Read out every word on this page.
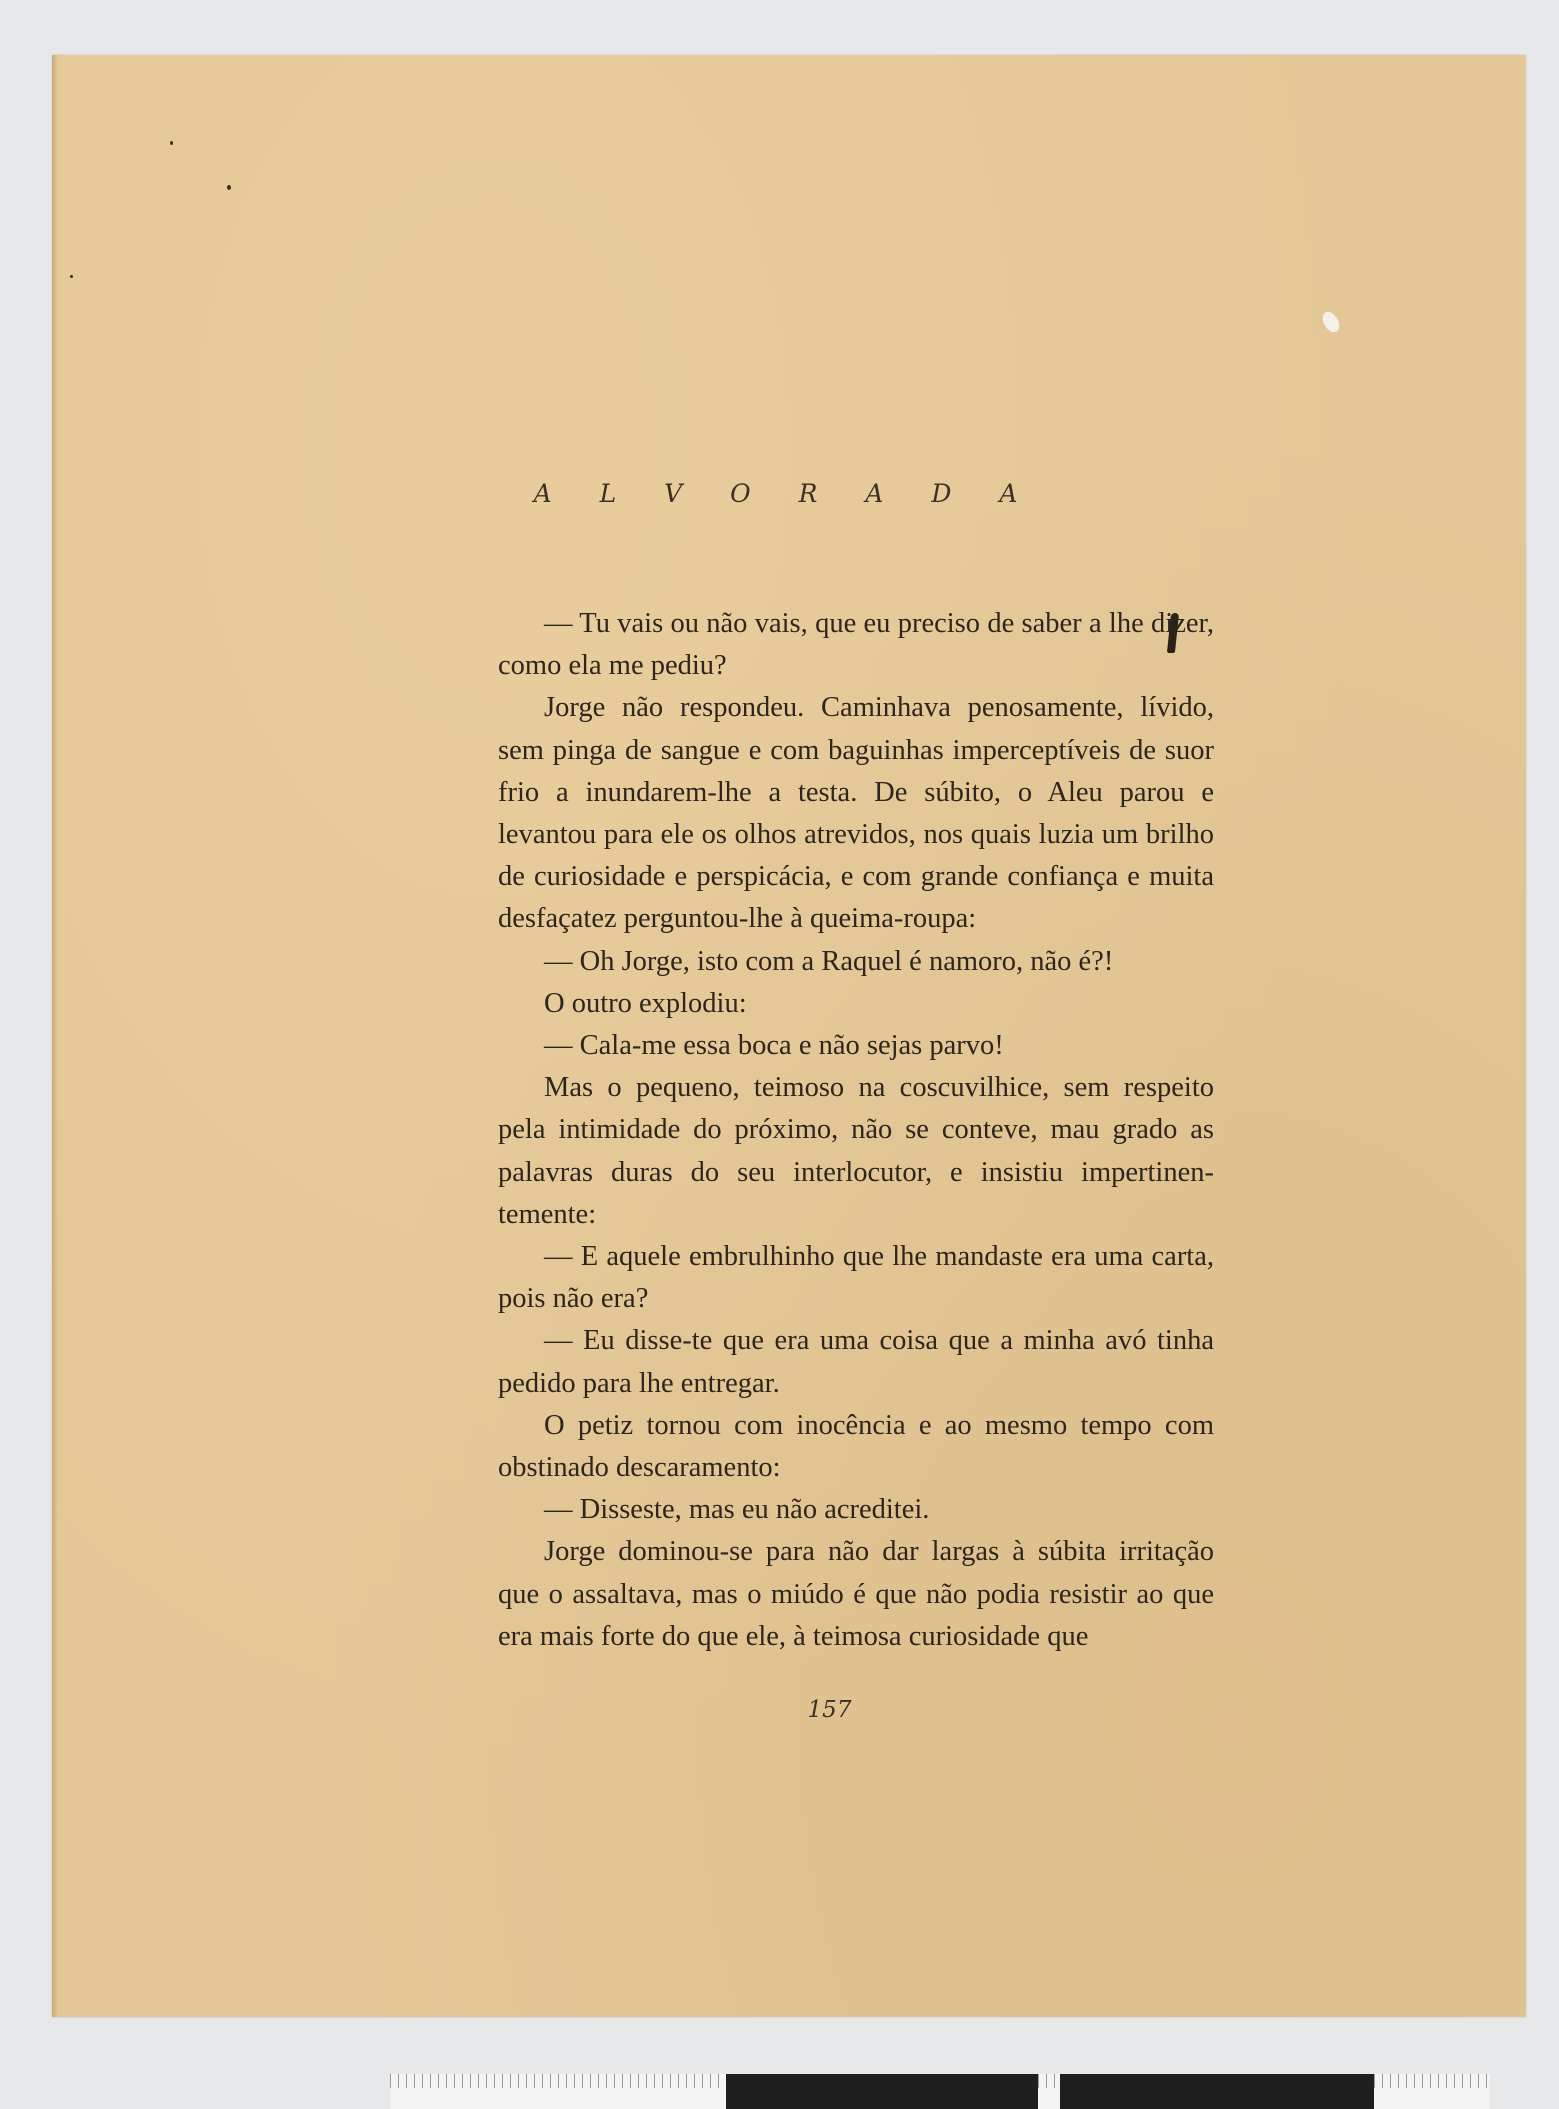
A L V O R A D A

— Tu vais ou não vais, que eu preciso de saber a lhe dizer, como ela me pediu?

Jorge não respondeu. Caminhava penosamente, lívido, sem pinga de sangue e com baguinhas imperceptíveis de suor frio a inundarem-lhe a testa. De súbito, o Aleu parou e levantou para ele os olhos atrevidos, nos quais luzia um brilho de curiosidade e perspicácia, e com grande confiança e muita desfaçatez perguntou-lhe à queima-roupa:

— Oh Jorge, isto com a Raquel é namoro, não é?!

O outro explodiu:

— Cala-me essa boca e não sejas parvo!

Mas o pequeno, teimoso na coscuvilhice, sem respeito pela intimidade do próximo, não se conteve, mau grado as palavras duras do seu interlocutor, e insistiu impertinentemente:

— E aquele embrulhinho que lhe mandaste era uma carta, pois não era?

— Eu disse-te que era uma coisa que a minha avó tinha pedido para lhe entregar.

O petiz tornou com inocência e ao mesmo tempo com obstinado descaramento:

— Disseste, mas eu não acreditei.

Jorge dominou-se para não dar largas à súbita irritação que o assaltava, mas o miúdo é que não podia resistir ao que era mais forte do que ele, à teimosa curiosidade que

157
